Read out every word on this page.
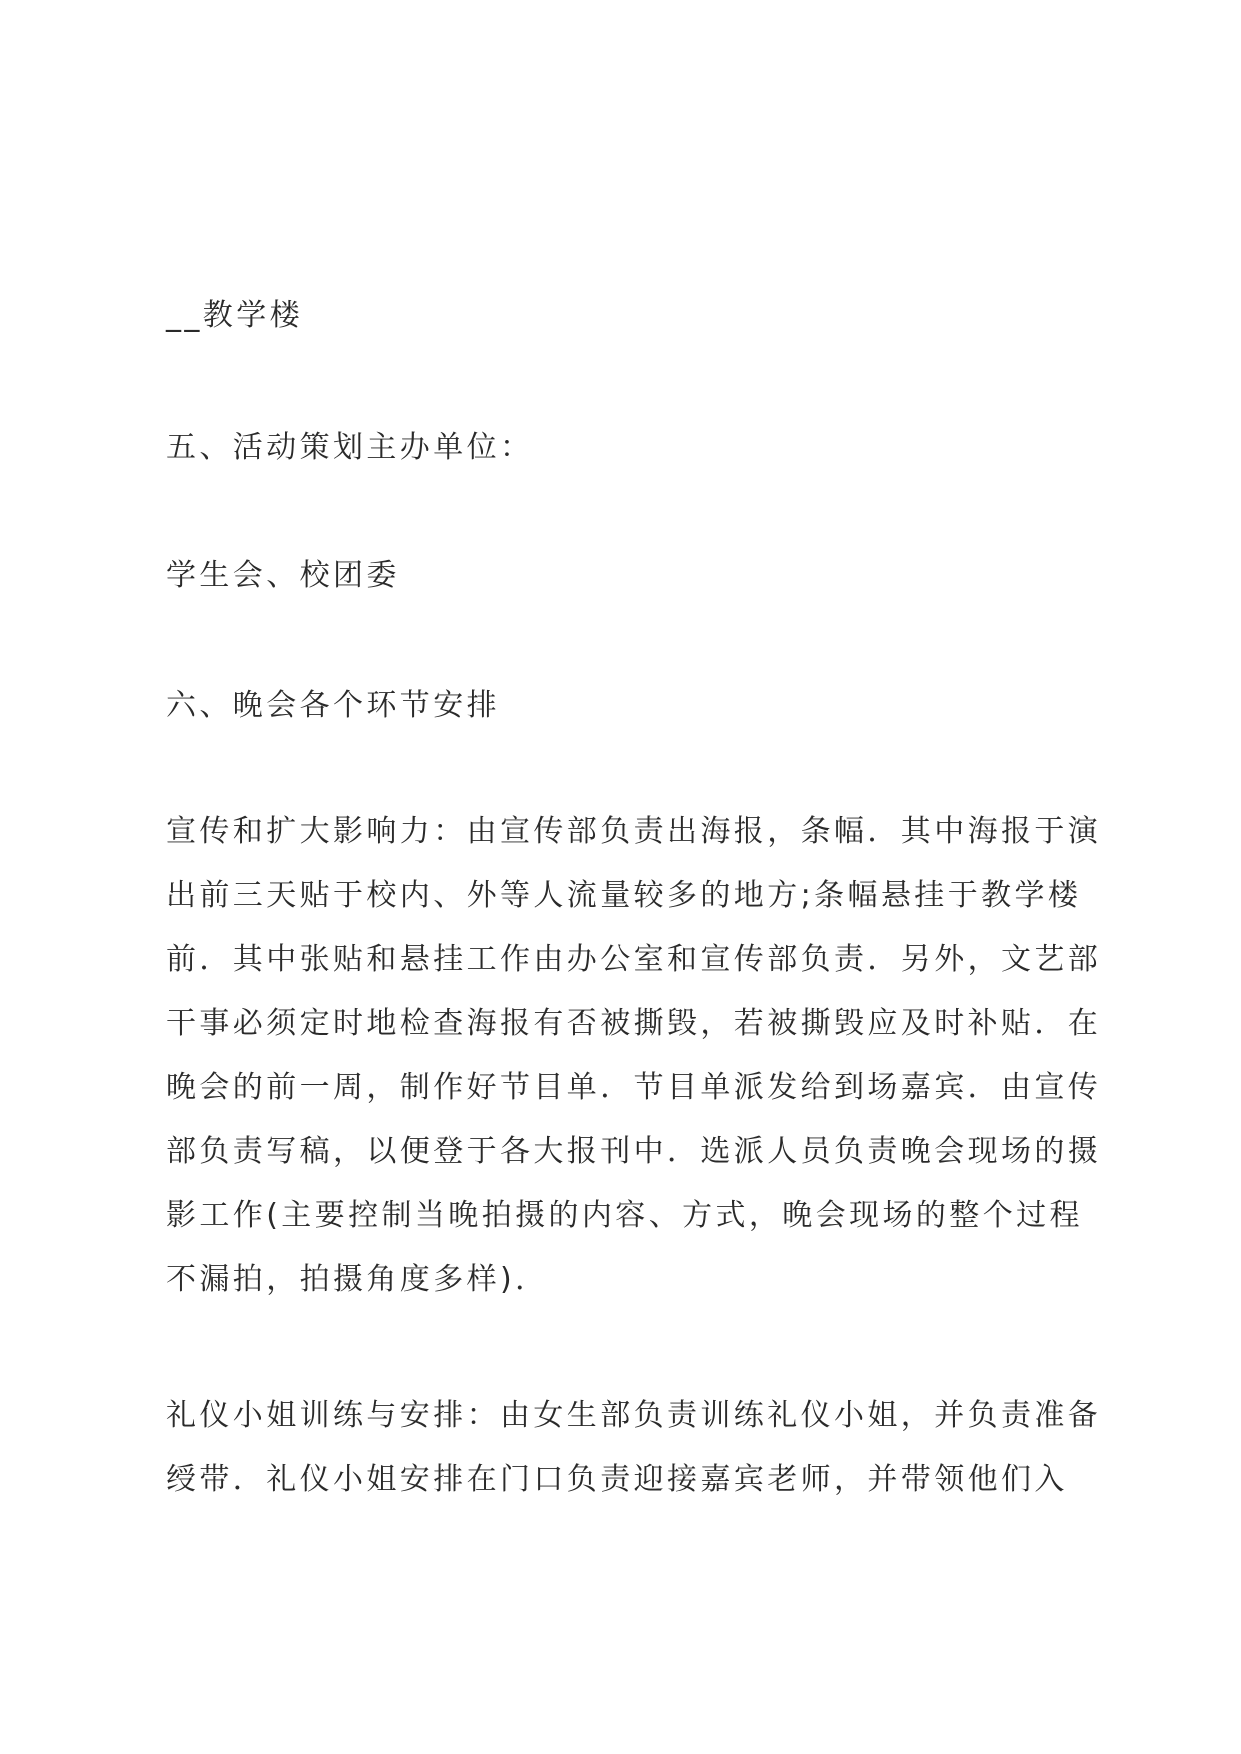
__教学楼

五、活动策划主办单位：

学生会、校团委

六、晚会各个环节安排

宣传和扩大影响力：由宣传部负责出海报，条幅．其中海报于演
出前三天贴于校内、外等人流量较多的地方;条幅悬挂于教学楼
前．其中张贴和悬挂工作由办公室和宣传部负责．另外，文艺部
干事必须定时地检查海报有否被撕毁，若被撕毁应及时补贴．在
晚会的前一周，制作好节目单．节目单派发给到场嘉宾．由宣传
部负责写稿，以便登于各大报刊中．选派人员负责晚会现场的摄
影工作(主要控制当晚拍摄的内容、方式，晚会现场的整个过程
不漏拍，拍摄角度多样)．
礼仪小姐训练与安排：由女生部负责训练礼仪小姐，并负责准备
绶带．礼仪小姐安排在门口负责迎接嘉宾老师，并带领他们入
